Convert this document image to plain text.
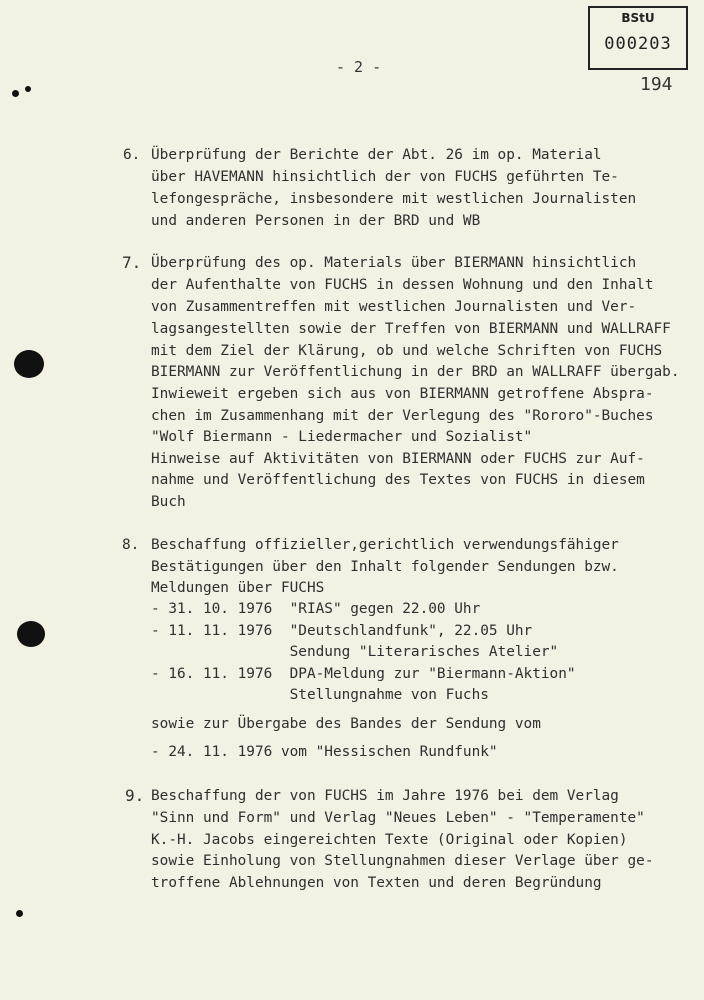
BStU
000203
- 2 -
194
6. Überprüfung der Berichte der Abt. 26 im op. Material
über HAVEMANN hinsichtlich der von FUCHS geführten Te-
lefongespräche, insbesondere mit westlichen Journalisten
und anderen Personen in der BRD und WB
7. Überprüfung des op. Materials über BIERMANN hinsichtlich
der Aufenthalte von FUCHS in dessen Wohnung und den Inhalt
von Zusammentreffen mit westlichen Journalisten und Ver-
lagsangestellten sowie der Treffen von BIERMANN und WALLRAFF
mit dem Ziel der Klärung, ob und welche Schriften von FUCHS
BIERMANN zur Veröffentlichung in der BRD an WALLRAFF übergab.
Inwieweit ergeben sich aus von BIERMANN getroffene Abspra-
chen im Zusammenhang mit der Verlegung des "Rororo"-Buches
"Wolf Biermann - Liedermacher und Sozialist"
Hinweise auf Aktivitäten von BIERMANN oder FUCHS zur Auf-
nahme und Veröffentlichung des Textes von FUCHS in diesem
Buch
8. Beschaffung offizieller,gerichtlich verwendungsfähiger
Bestätigungen über den Inhalt folgender Sendungen bzw.
Meldungen über FUCHS
- 31. 10. 1976  "RIAS" gegen 22.00 Uhr
- 11. 11. 1976  "Deutschlandfunk", 22.05 Uhr
Sendung "Literarisches Atelier"
- 16. 11. 1976  DPA-Meldung zur "Biermann-Aktion"
Stellungnahme von Fuchs
sowie zur Übergabe des Bandes der Sendung vom
- 24. 11. 1976 vom "Hessischen Rundfunk"
9. Beschaffung der von FUCHS im Jahre 1976 bei dem Verlag
"Sinn und Form" und Verlag "Neues Leben" - "Temperamente"
K.-H. Jacobs eingereichten Texte (Original oder Kopien)
sowie Einholung von Stellungnahmen dieser Verlage über ge-
troffene Ablehnungen von Texten und deren Begründung
